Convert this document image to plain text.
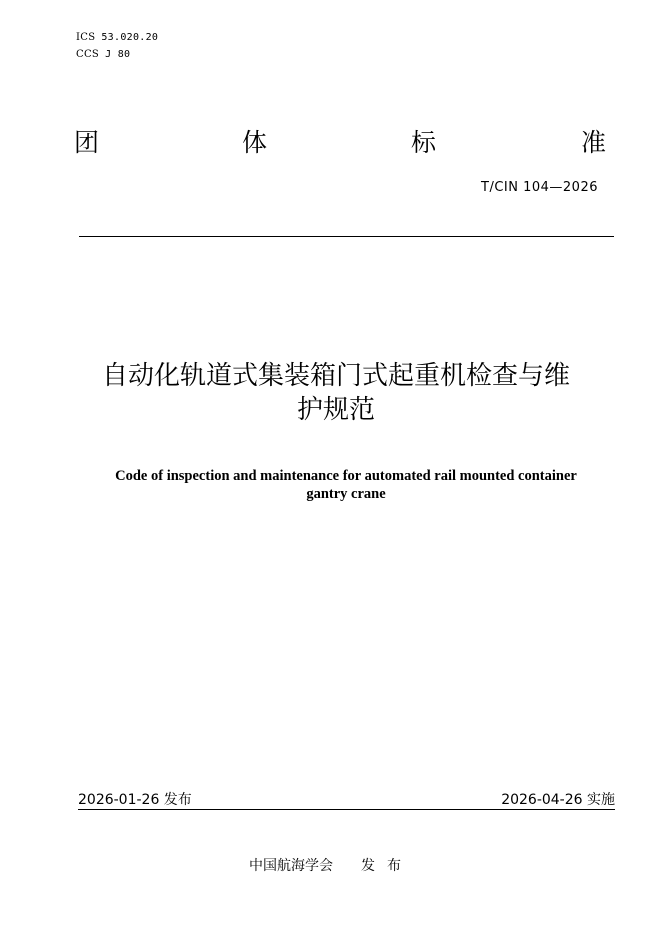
ICS 53.020.20
CCS J 80
团	体	标	准
T/CIN 104—2026
自动化轨道式集装箱门式起重机检查与维
护规范
Code of inspection and maintenance for automated rail mounted container
gantry crane
2026-01-26 发布	2026-04-26 实施
中国航海学会 发布
